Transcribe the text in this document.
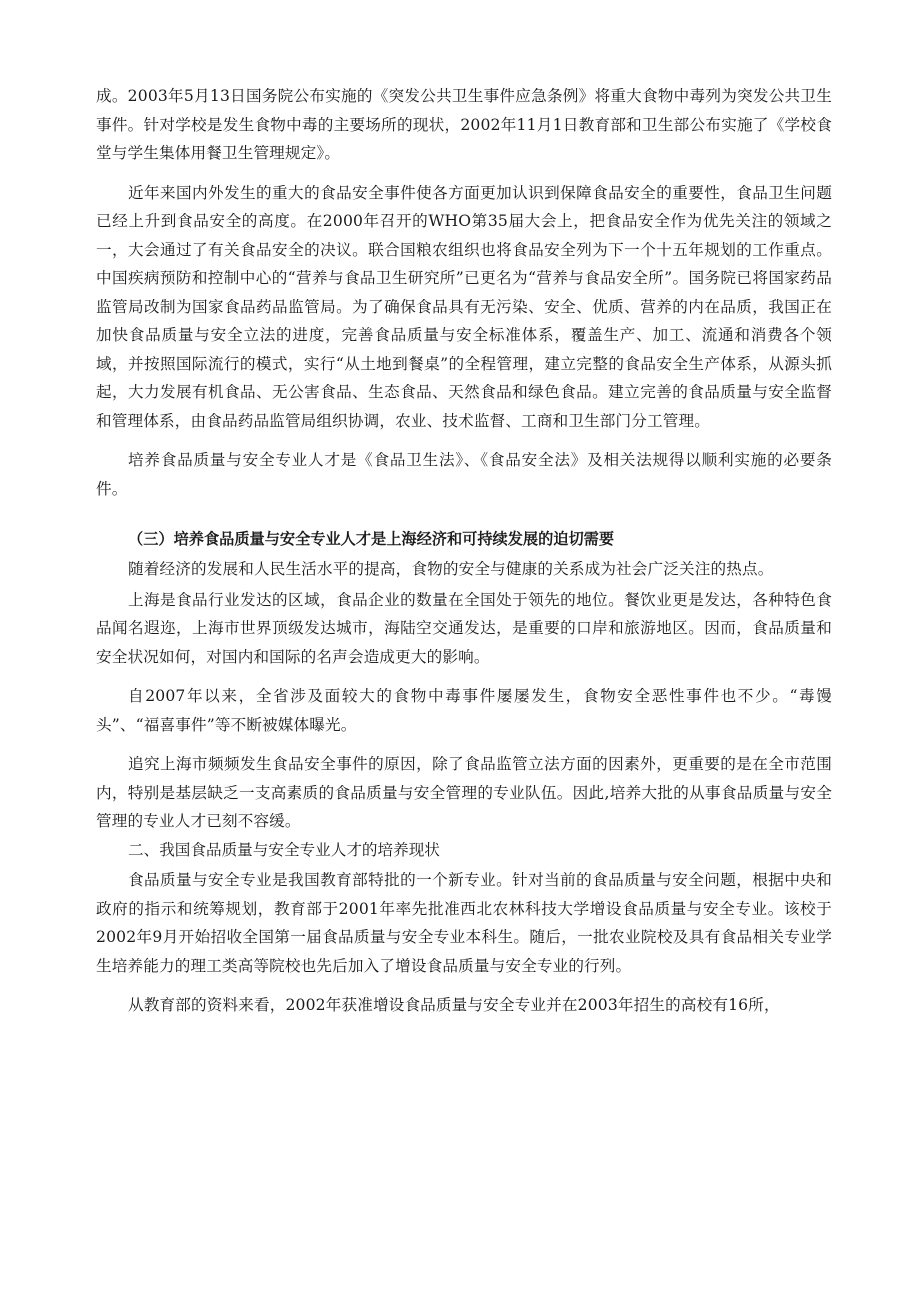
成。2003年5月13日国务院公布实施的《突发公共卫生事件应急条例》将重大食物中毒列为突发公共卫生事件。针对学校是发生食物中毒的主要场所的现状，2002年11月1日教育部和卫生部公布实施了《学校食堂与学生集体用餐卫生管理规定》。

近年来国内外发生的重大的食品安全事件使各方面更加认识到保障食品安全的重要性，食品卫生问题已经上升到食品安全的高度。在2000年召开的WHO第35届大会上，把食品安全作为优先关注的领域之一，大会通过了有关食品安全的决议。联合国粮农组织也将食品安全列为下一个十五年规划的工作重点。中国疾病预防和控制中心的“营养与食品卫生研究所”已更名为“营养与食品安全所”。国务院已将国家药品监管局改制为国家食品药品监管局。为了确保食品具有无污染、安全、优质、营养的内在品质，我国正在加快食品质量与安全立法的进度，完善食品质量与安全标准体系，覆盖生产、加工、流通和消费各个领域，并按照国际流行的模式，实行“从土地到餐桌”的全程管理，建立完整的食品安全生产体系，从源头抓起，大力发展有机食品、无公害食品、生态食品、天然食品和绿色食品。建立完善的食品质量与安全监督和管理体系，由食品药品监管局组织协调，农业、技术监督、工商和卫生部门分工管理。

培养食品质量与安全专业人才是《食品卫生法》、《食品安全法》及相关法规得以顺利实施的必要条件。

（三）培养食品质量与安全专业人才是上海经济和可持续发展的迫切需要

随着经济的发展和人民生活水平的提高，食物的安全与健康的关系成为社会广泛关注的热点。

上海是食品行业发达的区域，食品企业的数量在全国处于领先的地位。餐饮业更是发达，各种特色食品闻名遐迩，上海市世界顶级发达城市，海陆空交通发达，是重要的口岸和旅游地区。因而，食品质量和安全状况如何，对国内和国际的名声会造成更大的影响。

自2007年以来，全省涉及面较大的食物中毒事件屡屡发生，食物安全恶性事件也不少。“毒馒头”、“福喜事件”等不断被媒体曝光。

追究上海市频频发生食品安全事件的原因，除了食品监管立法方面的因素外，更重要的是在全市范围内，特别是基层缺乏一支高素质的食品质量与安全管理的专业队伍。因此,培养大批的从事食品质量与安全管理的专业人才已刻不容缓。

二、我国食品质量与安全专业人才的培养现状

食品质量与安全专业是我国教育部特批的一个新专业。针对当前的食品质量与安全问题，根据中央和政府的指示和统筹规划，教育部于2001年率先批准西北农林科技大学增设食品质量与安全专业。该校于2002年9月开始招收全国第一届食品质量与安全专业本科生。随后，一批农业院校及具有食品相关专业学生培养能力的理工类高等院校也先后加入了增设食品质量与安全专业的行列。

从教育部的资料来看，2002年获准增设食品质量与安全专业并在2003年招生的高校有16所，
